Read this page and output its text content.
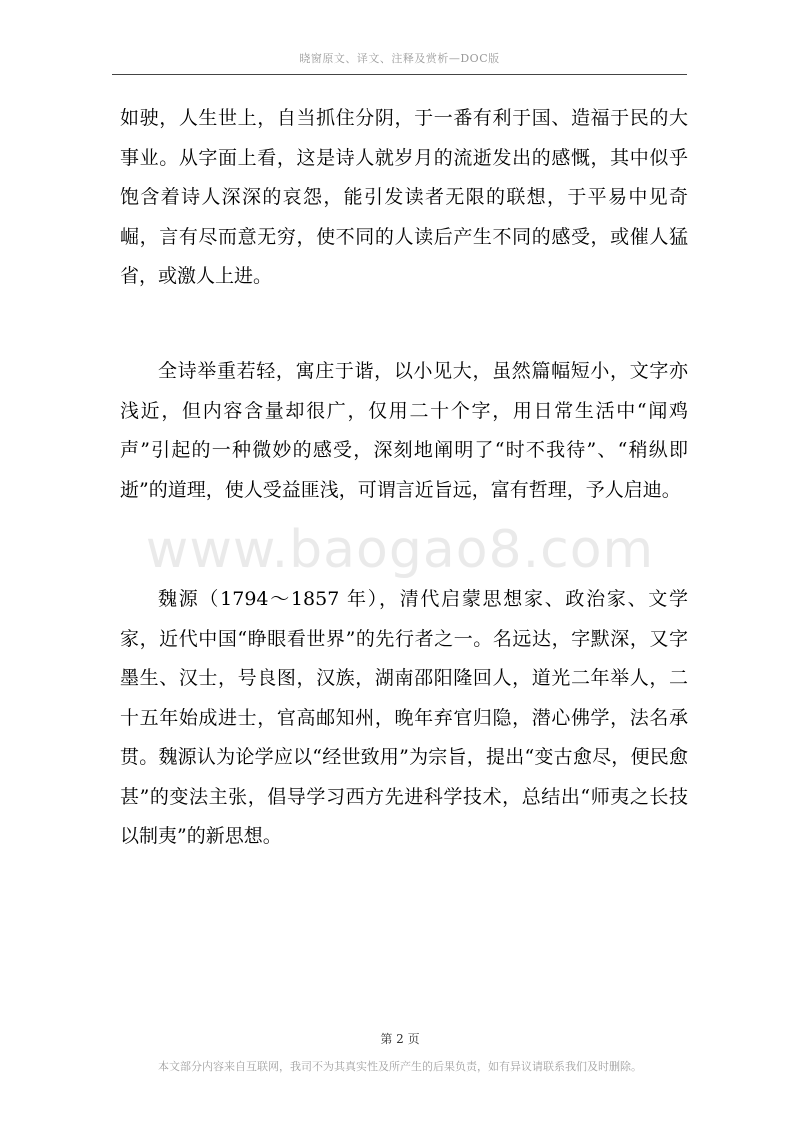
晓窗原文、译文、注释及赏析—DOC版

如驶，人生世上，自当抓住分阴，于一番有利于国、造福于民的大事业。从字面上看，这是诗人就岁月的流逝发出的感慨，其中似乎饱含着诗人深深的哀怨，能引发读者无限的联想，于平易中见奇崛，言有尽而意无穷，使不同的人读后产生不同的感受，或催人猛省，或激人上进。

全诗举重若轻，寓庄于谐，以小见大，虽然篇幅短小，文字亦浅近，但内容含量却很广，仅用二十个字，用日常生活中“闻鸡声”引起的一种微妙的感受，深刻地阐明了“时不我待”、“稍纵即逝”的道理，使人受益匪浅，可谓言近旨远，富有哲理，予人启迪。

魏源（1794～1857 年），清代启蒙思想家、政治家、文学家，近代中国“睁眼看世界”的先行者之一。名远达，字默深，又字墨生、汉士，号良图，汉族，湖南邵阳隆回人，道光二年举人，二十五年始成进士，官高邮知州，晚年弃官归隐，潜心佛学，法名承贯。魏源认为论学应以“经世致用”为宗旨，提出“变古愈尽，便民愈甚”的变法主张，倡导学习西方先进科学技术，总结出“师夷之长技以制夷”的新思想。

www.baogao8.com
第 2 页
本文部分内容来自互联网，我司不为其真实性及所产生的后果负责，如有异议请联系我们及时删除。
